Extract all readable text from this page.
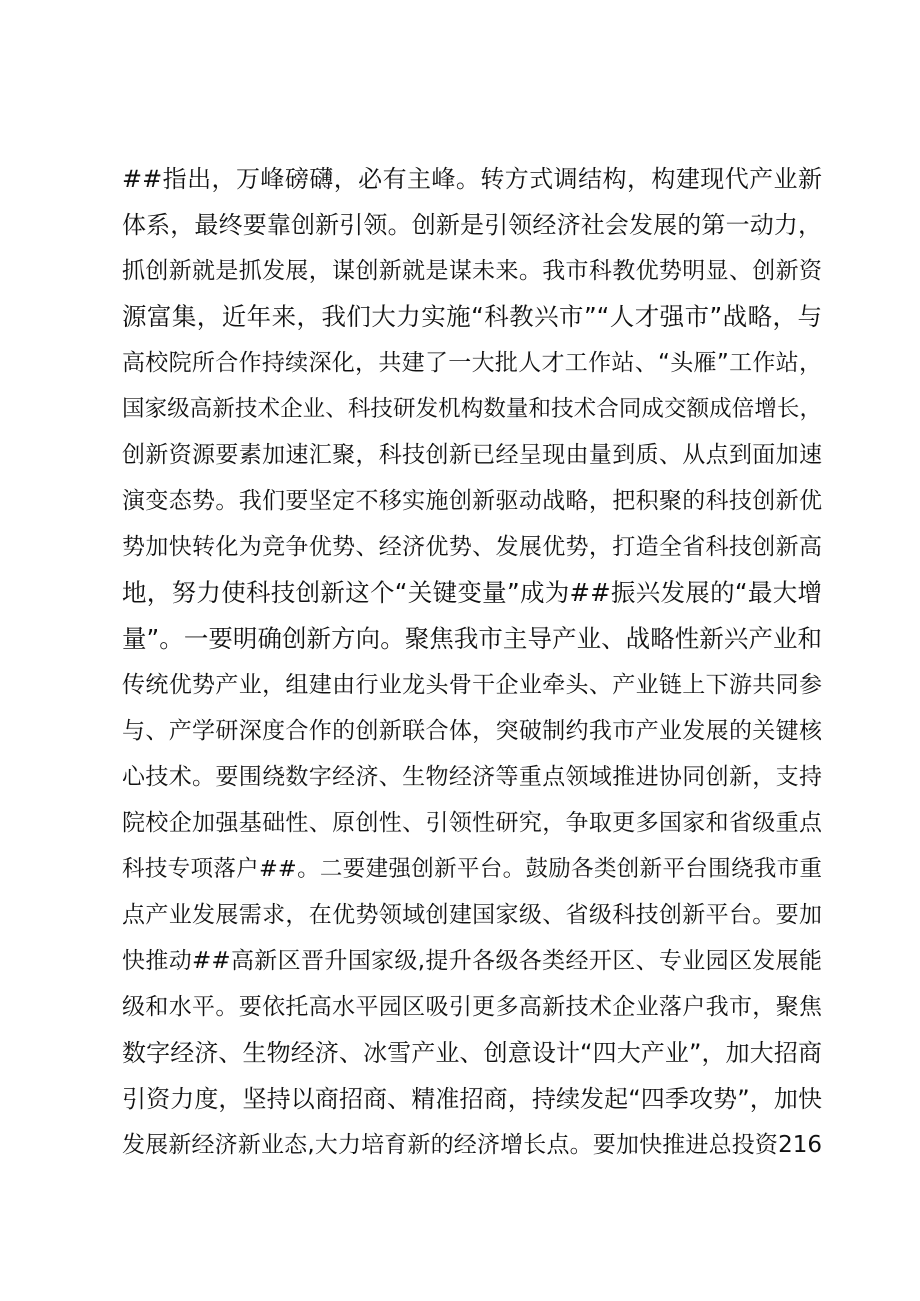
##指出，万峰磅礴，必有主峰。转方式调结构，构建现代产业新
体系，最终要靠创新引领。创新是引领经济社会发展的第一动力，
抓创新就是抓发展，谋创新就是谋未来。我市科教优势明显、创新资
源富集，近年来，我们大力实施“科教兴市”“人才强市”战略，与
高校院所合作持续深化，共建了一大批人才工作站、“头雁”工作站，
国家级高新技术企业、科技研发机构数量和技术合同成交额成倍增长，
创新资源要素加速汇聚，科技创新已经呈现由量到质、从点到面加速
演变态势。我们要坚定不移实施创新驱动战略，把积聚的科技创新优
势加快转化为竞争优势、经济优势、发展优势，打造全省科技创新高
地，努力使科技创新这个“关键变量”成为##振兴发展的“最大增
量”。一要明确创新方向。聚焦我市主导产业、战略性新兴产业和
传统优势产业，组建由行业龙头骨干企业牵头、产业链上下游共同参
与、产学研深度合作的创新联合体，突破制约我市产业发展的关键核
心技术。要围绕数字经济、生物经济等重点领域推进协同创新，支持
院校企加强基础性、原创性、引领性研究，争取更多国家和省级重点
科技专项落户##。二要建强创新平台。鼓励各类创新平台围绕我市重
点产业发展需求，在优势领域创建国家级、省级科技创新平台。要加
快推动##高新区晋升国家级,提升各级各类经开区、专业园区发展能
级和水平。要依托高水平园区吸引更多高新技术企业落户我市，聚焦
数字经济、生物经济、冰雪产业、创意设计“四大产业”，加大招商
引资力度，坚持以商招商、精准招商，持续发起“四季攻势”，加快
发展新经济新业态,大力培育新的经济增长点。要加快推进总投资216
